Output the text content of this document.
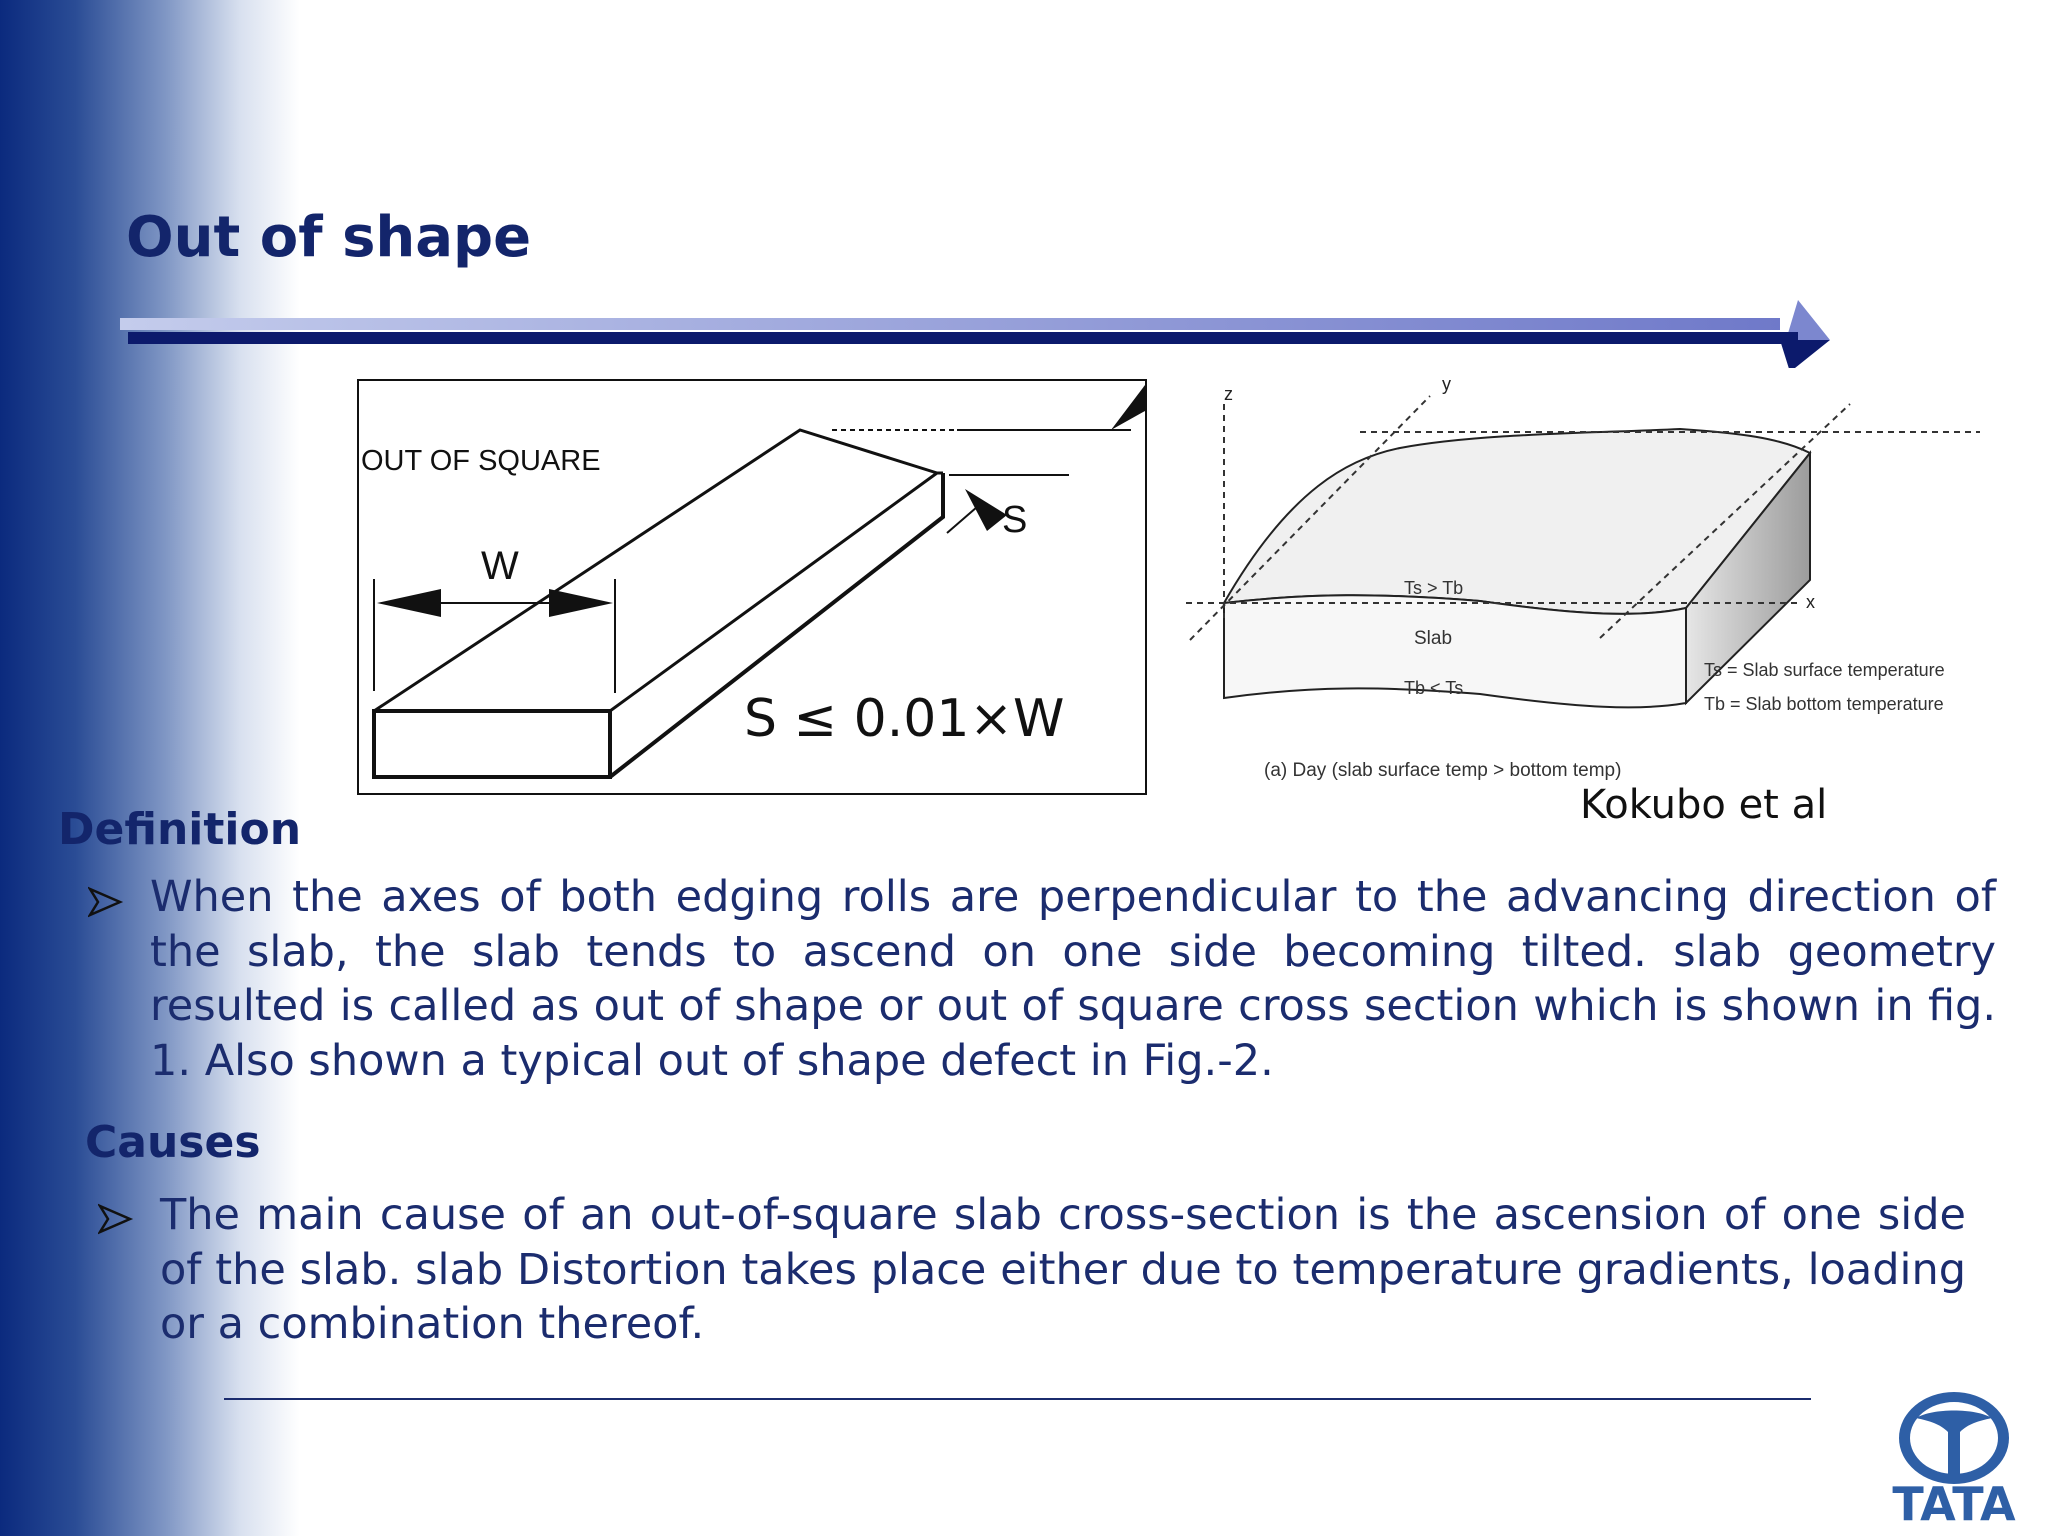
Out of shape
OUT OF SQUARE
W
S
S ≤ 0.01×W
z	y
x
Ts > Tb
Slab
Tb < Ts
Ts = Slab surface temperature
Tb = Slab bottom temperature
(a) Day (slab surface temp > bottom temp)
Kokubo et al
Definition

When the axes of both edging rolls are perpendicular to the advancing direction of the slab, the slab tends to ascend on one side becoming tilted. slab geometry resulted is called as out of shape or out of square cross section which is shown in fig. 1. Also shown a typical out of shape defect in Fig.-2.

Causes

The main cause of an out-of-square slab cross-section is the ascension of one side of the slab. slab Distortion takes place either due to temperature gradients, loading or a combination thereof.

TATA
